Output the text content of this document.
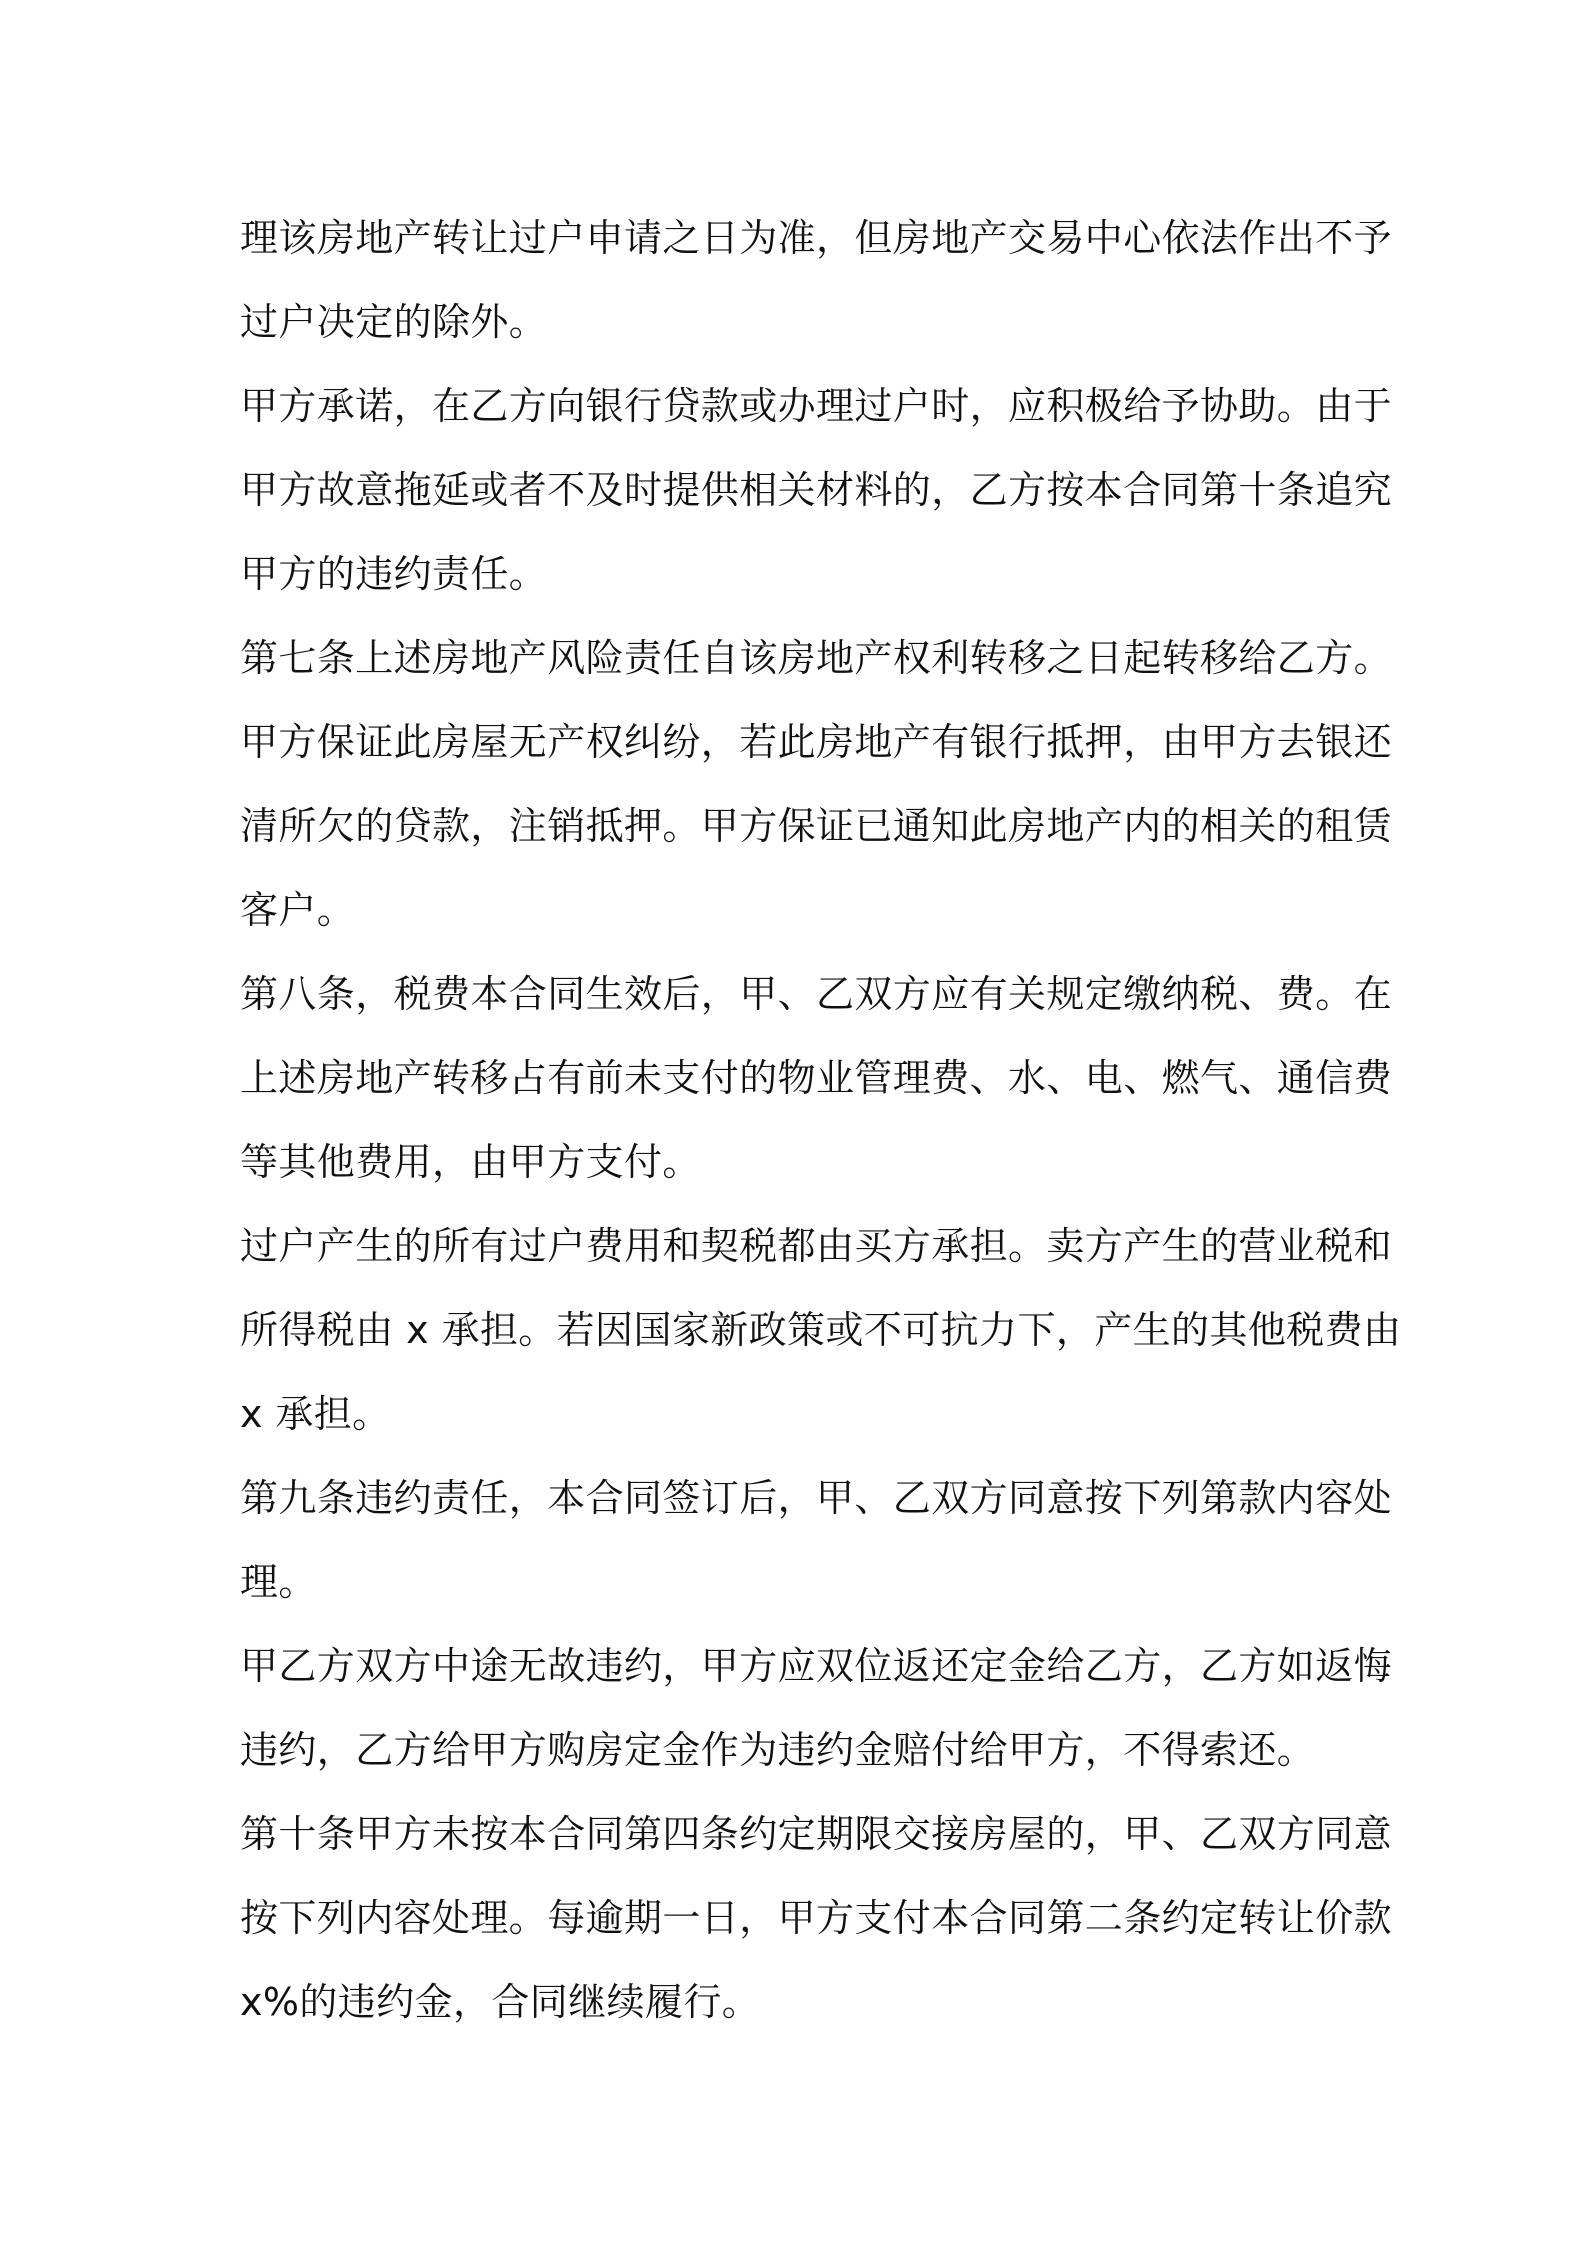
理该房地产转让过户申请之日为准，但房地产交易中心依法作出不予

过户决定的除外。

甲方承诺，在乙方向银行贷款或办理过户时，应积极给予协助。由于

甲方故意拖延或者不及时提供相关材料的，乙方按本合同第十条追究

甲方的违约责任。

第七条上述房地产风险责任自该房地产权利转移之日起转移给乙方。

甲方保证此房屋无产权纠纷，若此房地产有银行抵押，由甲方去银还

清所欠的贷款，注销抵押。甲方保证已通知此房地产内的相关的租赁

客户。

第八条，税费本合同生效后，甲、乙双方应有关规定缴纳税、费。在

上述房地产转移占有前未支付的物业管理费、水、电、燃气、通信费

等其他费用，由甲方支付。

过户产生的所有过户费用和契税都由买方承担。卖方产生的营业税和

所得税由 x 承担。若因国家新政策或不可抗力下，产生的其他税费由

x 承担。

第九条违约责任，本合同签订后，甲、乙双方同意按下列第款内容处

理。

甲乙方双方中途无故违约，甲方应双位返还定金给乙方，乙方如返悔

违约，乙方给甲方购房定金作为违约金赔付给甲方，不得索还。

第十条甲方未按本合同第四条约定期限交接房屋的，甲、乙双方同意

按下列内容处理。每逾期一日，甲方支付本合同第二条约定转让价款

x%的违约金，合同继续履行。
